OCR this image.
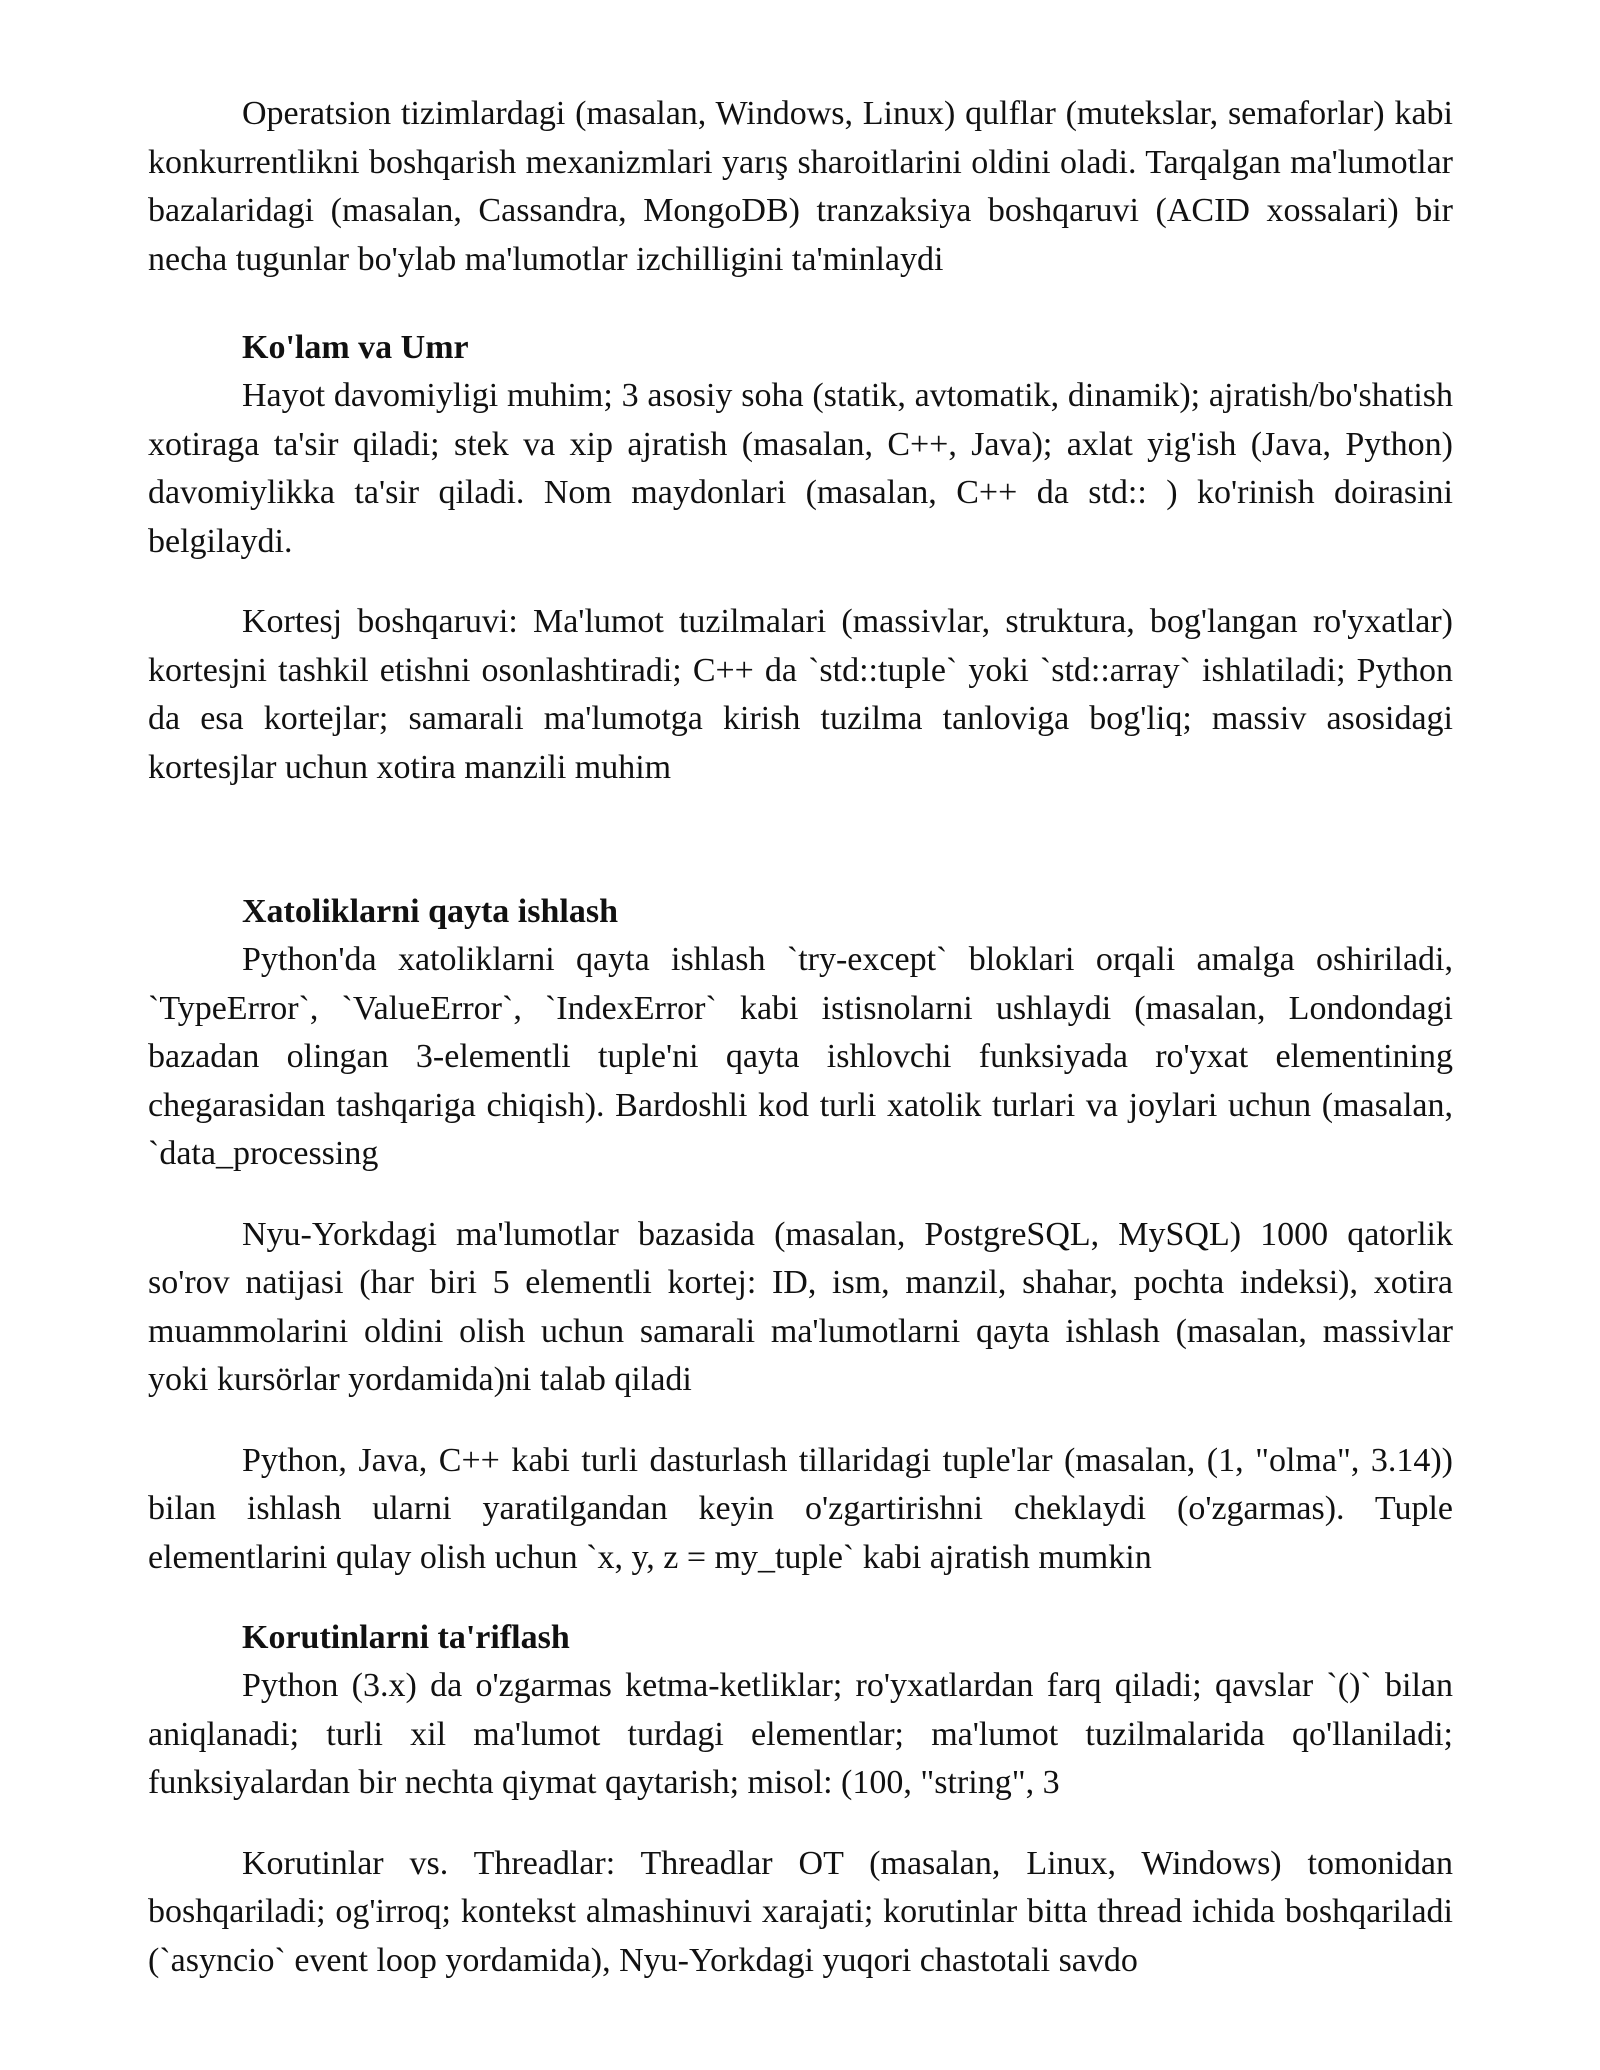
Operatsion tizimlardagi (masalan, Windows, Linux) qulflar (mutekslar, semaforlar) kabi konkurrentlikni boshqarish mexanizmlari yarış sharoitlarini oldini oladi. Tarqalgan ma'lumotlar bazalaridagi (masalan, Cassandra, MongoDB) tranzaksiya boshqaruvi (ACID xossalari) bir necha tugunlar bo'ylab ma'lumotlar izchilligini ta'minlaydi

Ko'lam va Umr

Hayot davomiyligi muhim; 3 asosiy soha (statik, avtomatik, dinamik); ajratish/bo'shatish xotiraga ta'sir qiladi; stek va xip ajratish (masalan, C++, Java); axlat yig'ish (Java, Python) davomiylikka ta'sir qiladi. Nom maydonlari (masalan, C++ da std:: ) ko'rinish doirasini belgilaydi.

Kortesj boshqaruvi: Ma'lumot tuzilmalari (massivlar, struktura, bog'langan ro'yxatlar) kortesjni tashkil etishni osonlashtiradi; C++ da `std::tuple` yoki `std::array` ishlatiladi; Python da esa kortejlar; samarali ma'lumotga kirish tuzilma tanloviga bog'liq; massiv asosidagi kortesjlar uchun xotira manzili muhim

Xatoliklarni qayta ishlash

Python'da xatoliklarni qayta ishlash `try-except` bloklari orqali amalga oshiriladi, `TypeError`, `ValueError`, `IndexError` kabi istisnolarni ushlaydi (masalan, Londondagi bazadan olingan 3-elementli tuple'ni qayta ishlovchi funksiyada ro'yxat elementining chegarasidan tashqariga chiqish). Bardoshli kod turli xatolik turlari va joylari uchun (masalan, `data_processing

Nyu-Yorkdagi ma'lumotlar bazasida (masalan, PostgreSQL, MySQL) 1000 qatorlik so'rov natijasi (har biri 5 elementli kortej: ID, ism, manzil, shahar, pochta indeksi), xotira muammolarini oldini olish uchun samarali ma'lumotlarni qayta ishlash (masalan, massivlar yoki kursörlar yordamida)ni talab qiladi

Python, Java, C++ kabi turli dasturlash tillaridagi tuple'lar (masalan, (1, "olma", 3.14)) bilan ishlash ularni yaratilgandan keyin o'zgartirishni cheklaydi (o'zgarmas). Tuple elementlarini qulay olish uchun `x, y, z = my_tuple` kabi ajratish mumkin

Korutinlarni ta'riflash

Python (3.x) da o'zgarmas ketma-ketliklar; ro'yxatlardan farq qiladi; qavslar `()` bilan aniqlanadi; turli xil ma'lumot turdagi elementlar; ma'lumot tuzilmalarida qo'llaniladi; funksiyalardan bir nechta qiymat qaytarish; misol: (100, "string", 3

Korutinlar vs. Threadlar: Threadlar OT (masalan, Linux, Windows) tomonidan boshqariladi; og'irroq; kontekst almashinuvi xarajati; korutinlar bitta thread ichida boshqariladi (`asyncio` event loop yordamida), Nyu-Yorkdagi yuqori chastotali savdo
